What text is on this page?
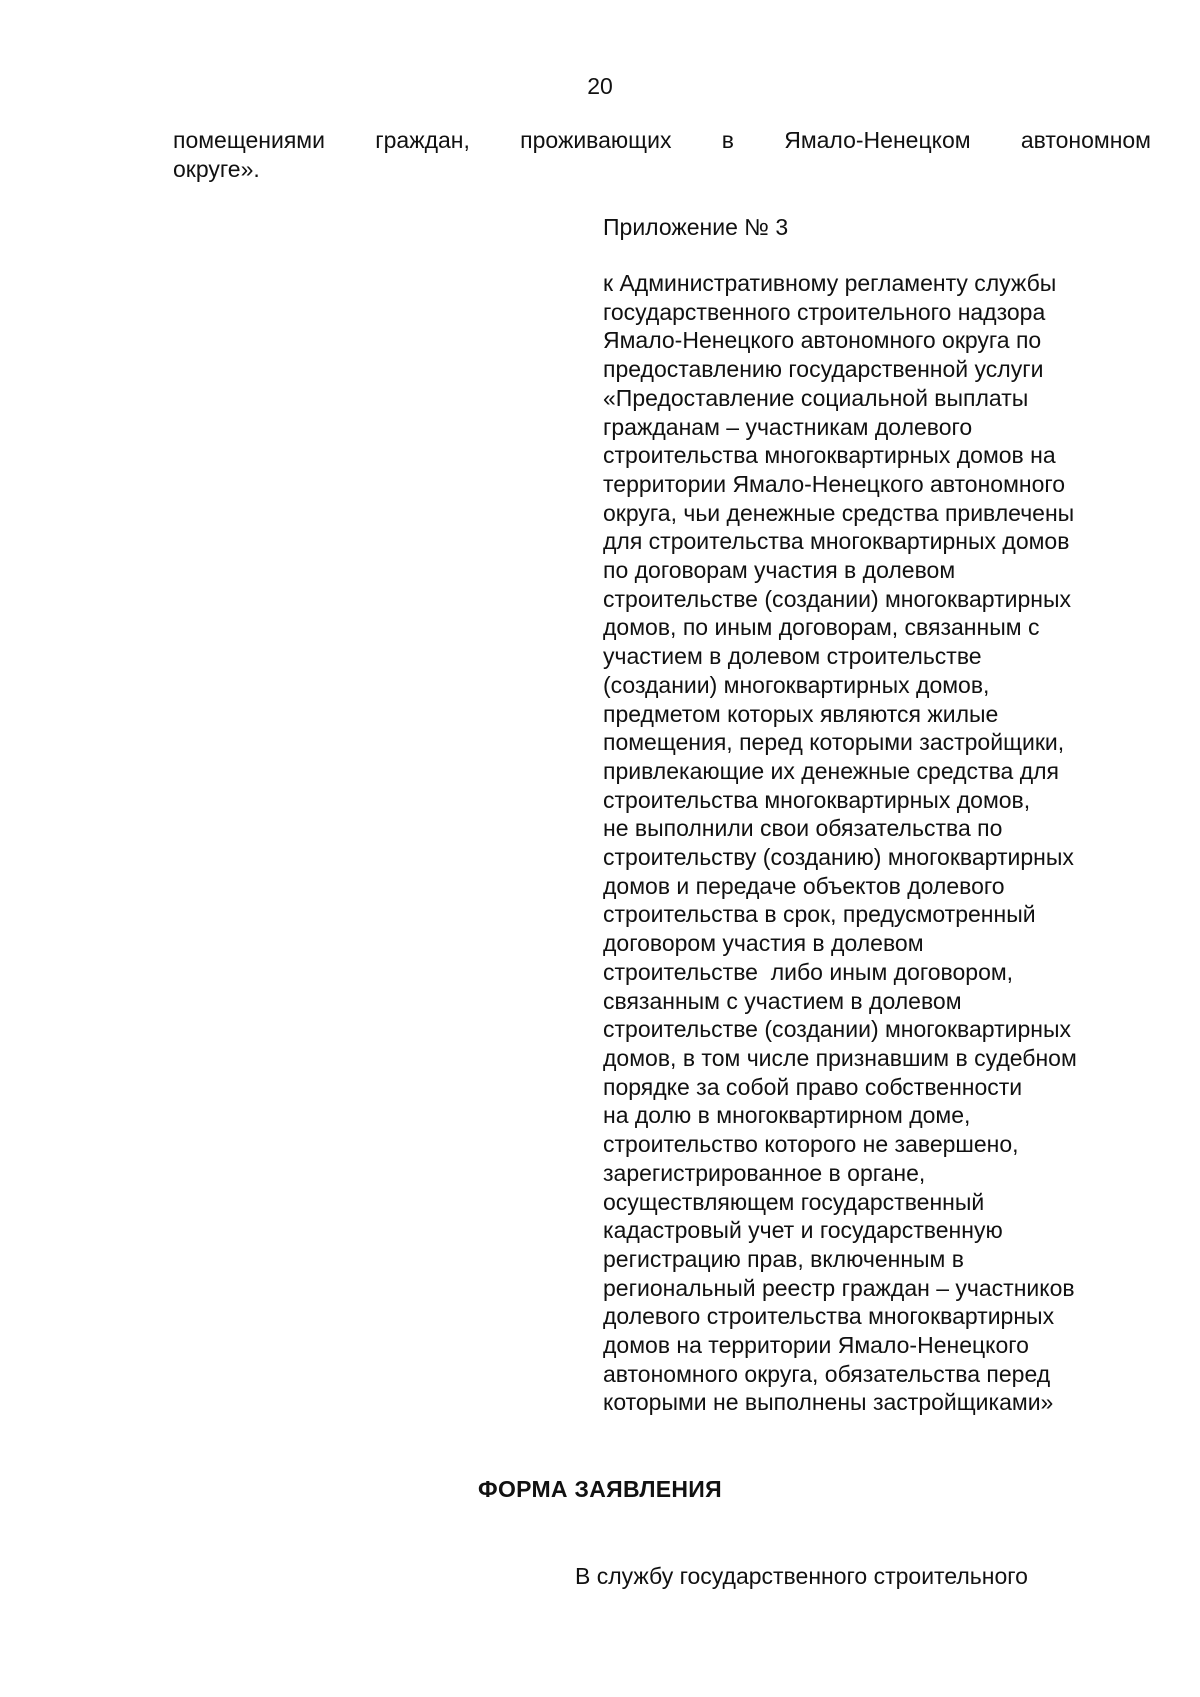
20
помещениями граждан, проживающих в Ямало-Ненецком автономном
округе».
Приложение № 3
к Административному регламенту службы
государственного строительного надзора
Ямало-Ненецкого автономного округа по
предоставлению государственной услуги
«Предоставление социальной выплаты
гражданам – участникам долевого
строительства многоквартирных домов на
территории Ямало-Ненецкого автономного
округа, чьи денежные средства привлечены
для строительства многоквартирных домов
по договорам участия в долевом
строительстве (создании) многоквартирных
домов, по иным договорам, связанным с
участием в долевом строительстве
(создании) многоквартирных домов,
предметом которых являются жилые
помещения, перед которыми застройщики,
привлекающие их денежные средства для
строительства многоквартирных домов,
не выполнили свои обязательства по
строительству (созданию) многоквартирных
домов и передаче объектов долевого
строительства в срок, предусмотренный
договором участия в долевом
строительстве  либо иным договором,
связанным с участием в долевом
строительстве (создании) многоквартирных
домов, в том числе признавшим в судебном
порядке за собой право собственности
на долю в многоквартирном доме,
строительство которого не завершено,
зарегистрированное в органе,
осуществляющем государственный
кадастровый учет и государственную
регистрацию прав, включенным в
региональный реестр граждан – участников
долевого строительства многоквартирных
домов на территории Ямало-Ненецкого
автономного округа, обязательства перед
которыми не выполнены застройщиками»
ФОРМА ЗАЯВЛЕНИЯ
В службу государственного строительного
